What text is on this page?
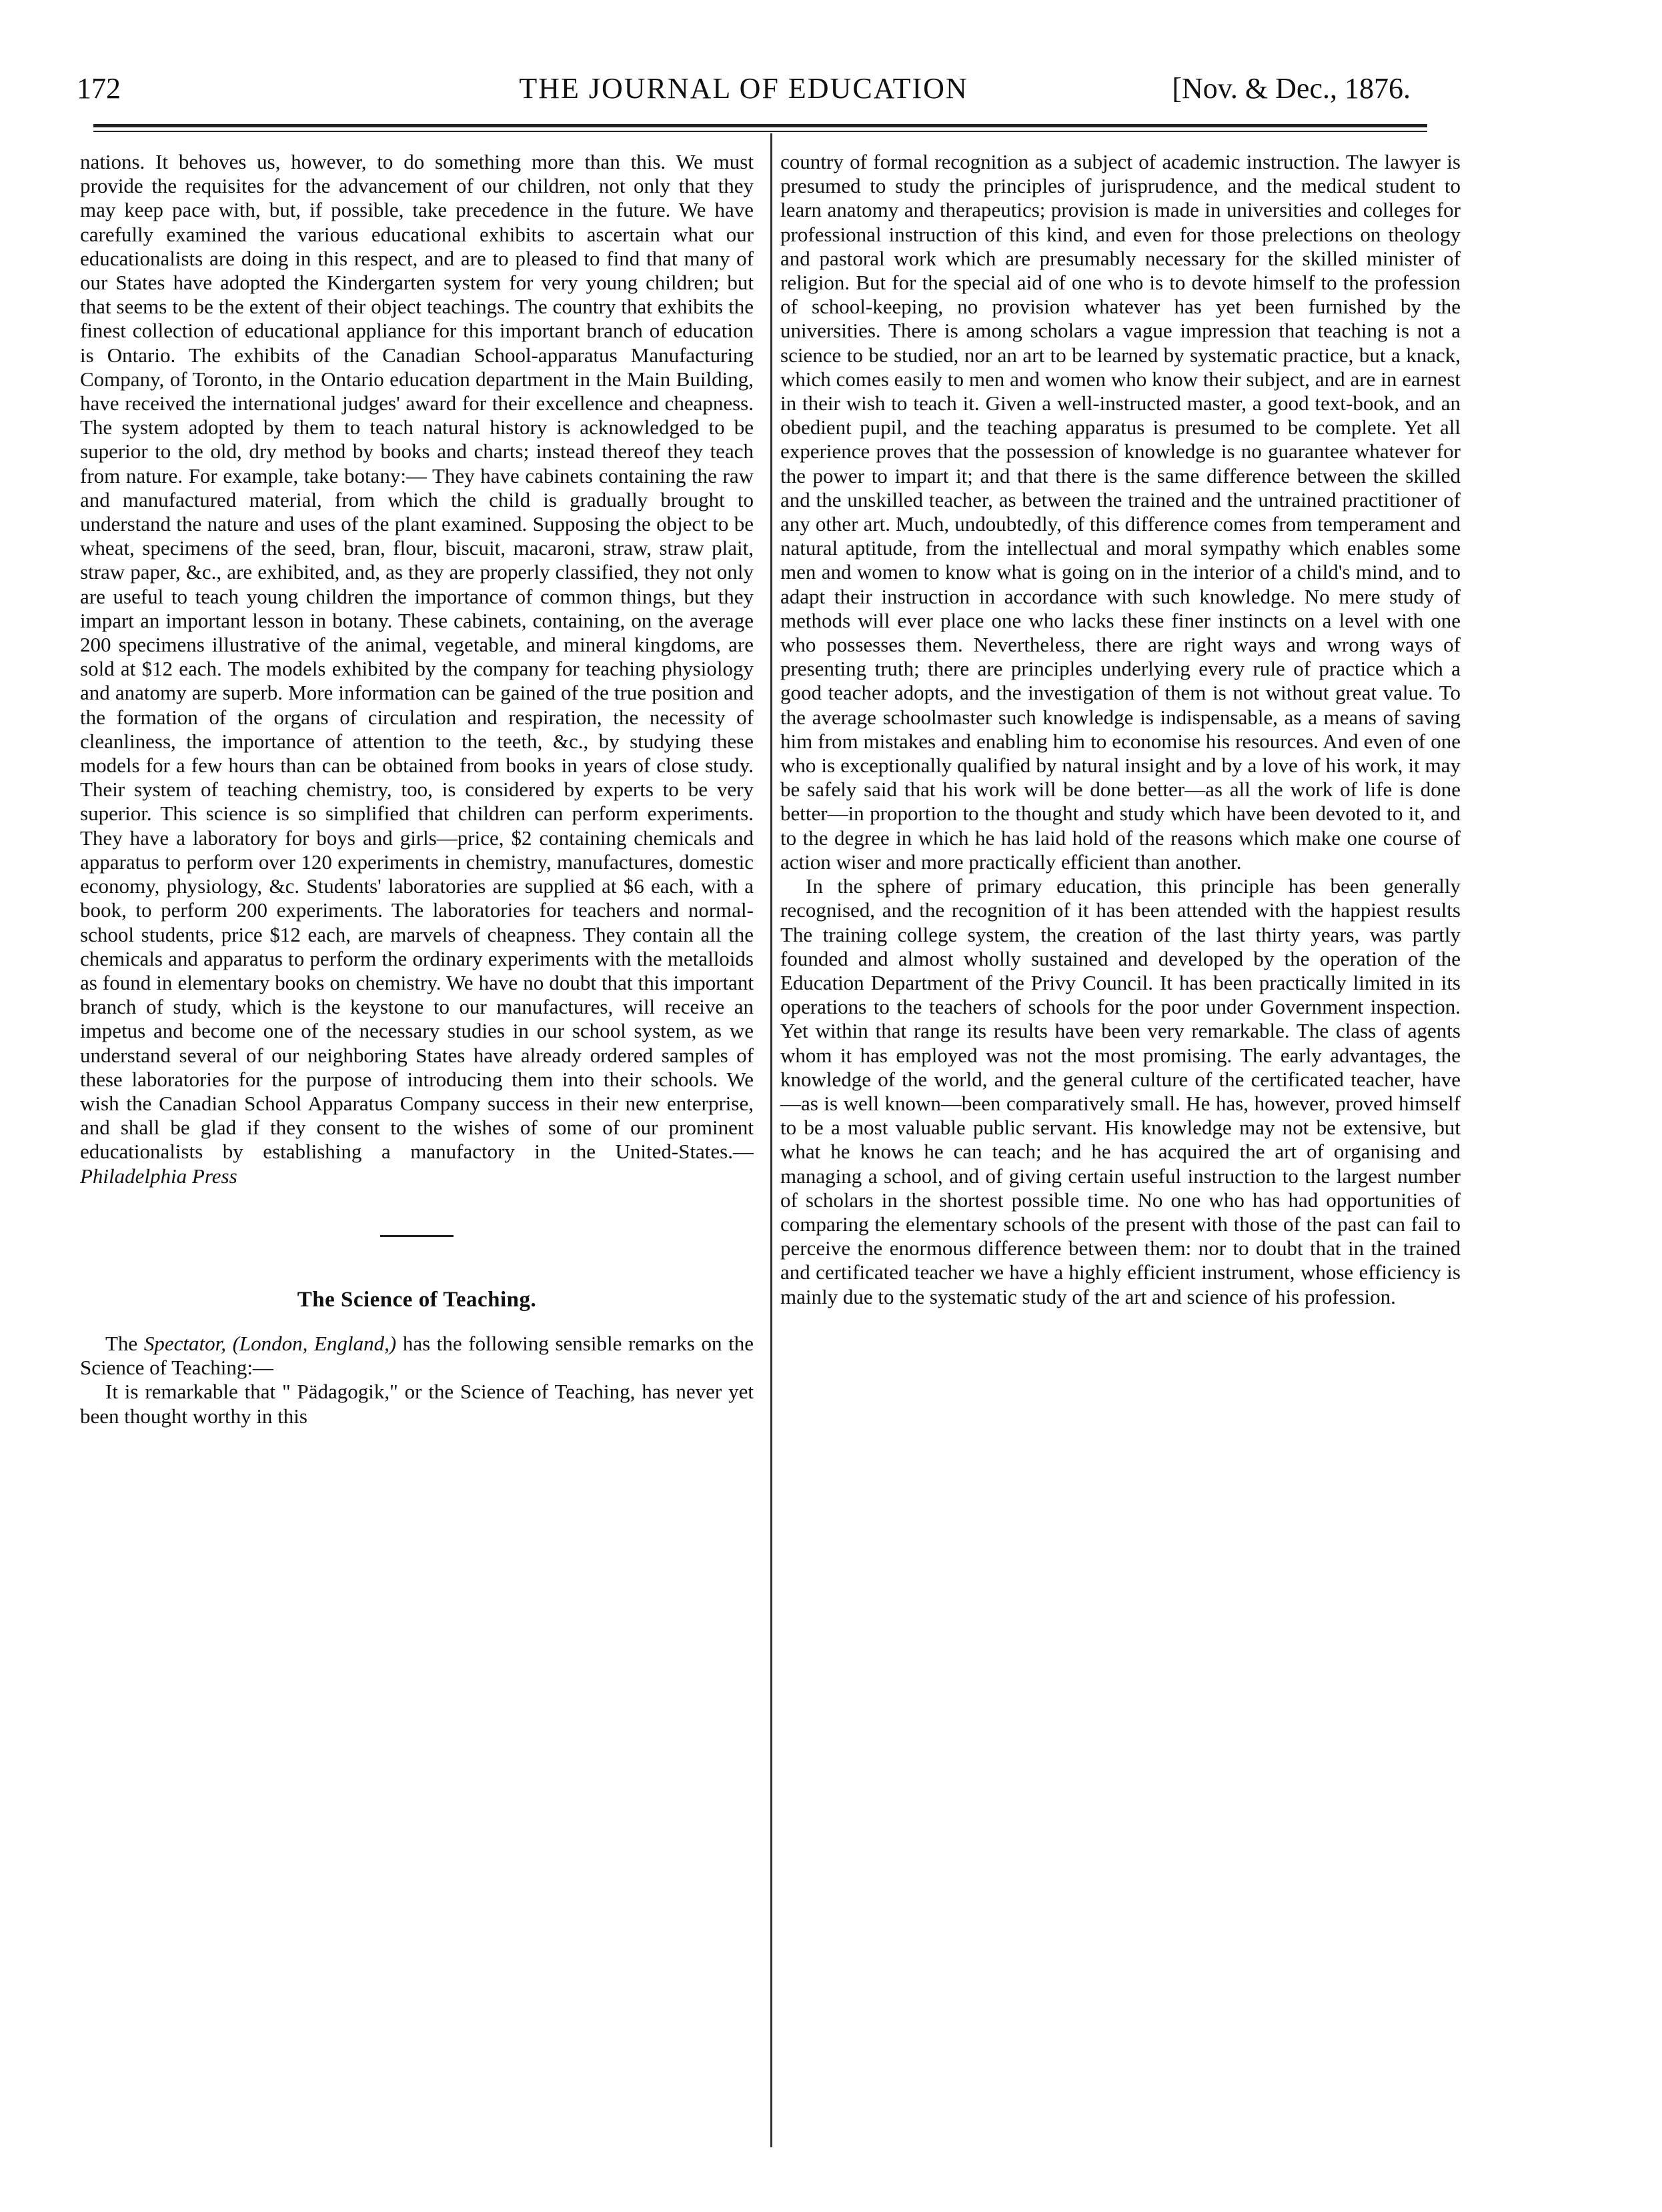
172	THE JOURNAL OF EDUCATION	[Nov. & Dec., 1876.

nations. It behoves us, however, to do something more than this. We must provide the requisites for the advancement of our children, not only that they may keep pace with, but, if possible, take precedence in the future. We have carefully examined the various educational exhibits to ascertain what our educationalists are doing in this respect, and are to pleased to find that many of our States have adopted the Kindergarten system for very young children; but that seems to be the extent of their object teachings. The country that exhibits the finest collection of educational appliance for this important branch of education is Ontario. The exhibits of the Canadian School-apparatus Manufacturing Company, of Toronto, in the Ontario education department in the Main Building, have received the international judges' award for their excellence and cheapness. The system adopted by them to teach natural history is acknowledged to be superior to the old, dry method by books and charts; instead thereof they teach from nature. For example, take botany:— They have cabinets containing the raw and manufactured material, from which the child is gradually brought to understand the nature and uses of the plant examined. Supposing the object to be wheat, specimens of the seed, bran, flour, biscuit, macaroni, straw, straw plait, straw paper, &c., are exhibited, and, as they are properly classified, they not only are useful to teach young children the importance of common things, but they impart an important lesson in botany. These cabinets, containing, on the average 200 specimens illustrative of the animal, vegetable, and mineral kingdoms, are sold at $12 each. The models exhibited by the company for teaching physiology and anatomy are superb. More information can be gained of the true position and the formation of the organs of circulation and respiration, the necessity of cleanliness, the importance of attention to the teeth, &c., by studying these models for a few hours than can be obtained from books in years of close study. Their system of teaching chemistry, too, is considered by experts to be very superior. This science is so simplified that children can perform experiments. They have a laboratory for boys and girls—price, $2 containing chemicals and apparatus to perform over 120 experiments in chemistry, manufactures, domestic economy, physiology, &c. Students' laboratories are supplied at $6 each, with a book, to perform 200 experiments. The laboratories for teachers and normal-school students, price $12 each, are marvels of cheapness. They contain all the chemicals and apparatus to perform the ordinary experiments with the metalloids as found in elementary books on chemistry. We have no doubt that this important branch of study, which is the keystone to our manufactures, will receive an impetus and become one of the necessary studies in our school system, as we understand several of our neighboring States have already ordered samples of these laboratories for the purpose of introducing them into their schools. We wish the Canadian School Apparatus Company success in their new enterprise, and shall be glad if they consent to the wishes of some of our prominent educationalists by establishing a manufactory in the United-States.— Philadelphia Press

The Science of Teaching.

The Spectator, (London, England,) has the following sensible remarks on the Science of Teaching:—

It is remarkable that " Pädagogik," or the Science of Teaching, has never yet been thought worthy in this

country of formal recognition as a subject of academic instruction. The lawyer is presumed to study the principles of jurisprudence, and the medical student to learn anatomy and therapeutics; provision is made in universities and colleges for professional instruction of this kind, and even for those prelections on theology and pastoral work which are presumably necessary for the skilled minister of religion. But for the special aid of one who is to devote himself to the profession of school-keeping, no provision whatever has yet been furnished by the universities. There is among scholars a vague impression that teaching is not a science to be studied, nor an art to be learned by systematic practice, but a knack, which comes easily to men and women who know their subject, and are in earnest in their wish to teach it. Given a well-instructed master, a good text-book, and an obedient pupil, and the teaching apparatus is presumed to be complete. Yet all experience proves that the possession of knowledge is no guarantee whatever for the power to impart it; and that there is the same difference between the skilled and the unskilled teacher, as between the trained and the untrained practitioner of any other art. Much, undoubtedly, of this difference comes from temperament and natural aptitude, from the intellectual and moral sympathy which enables some men and women to know what is going on in the interior of a child's mind, and to adapt their instruction in accordance with such knowledge. No mere study of methods will ever place one who lacks these finer instincts on a level with one who possesses them. Nevertheless, there are right ways and wrong ways of presenting truth; there are principles underlying every rule of practice which a good teacher adopts, and the investigation of them is not without great value. To the average schoolmaster such knowledge is indispensable, as a means of saving him from mistakes and enabling him to economise his resources. And even of one who is exceptionally qualified by natural insight and by a love of his work, it may be safely said that his work will be done better—as all the work of life is done better—in proportion to the thought and study which have been devoted to it, and to the degree in which he has laid hold of the reasons which make one course of action wiser and more practically efficient than another.

In the sphere of primary education, this principle has been generally recognised, and the recognition of it has been attended with the happiest results The training college system, the creation of the last thirty years, was partly founded and almost wholly sustained and developed by the operation of the Education Department of the Privy Council. It has been practically limited in its operations to the teachers of schools for the poor under Government inspection. Yet within that range its results have been very remarkable. The class of agents whom it has employed was not the most promising. The early advantages, the knowledge of the world, and the general culture of the certificated teacher, have—as is well known—been comparatively small. He has, however, proved himself to be a most valuable public servant. His knowledge may not be extensive, but what he knows he can teach; and he has acquired the art of organising and managing a school, and of giving certain useful instruction to the largest number of scholars in the shortest possible time. No one who has had opportunities of comparing the elementary schools of the present with those of the past can fail to perceive the enormous difference between them: nor to doubt that in the trained and certificated teacher we have a highly efficient instrument, whose efficiency is mainly due to the systematic study of the art and science of his profession.
